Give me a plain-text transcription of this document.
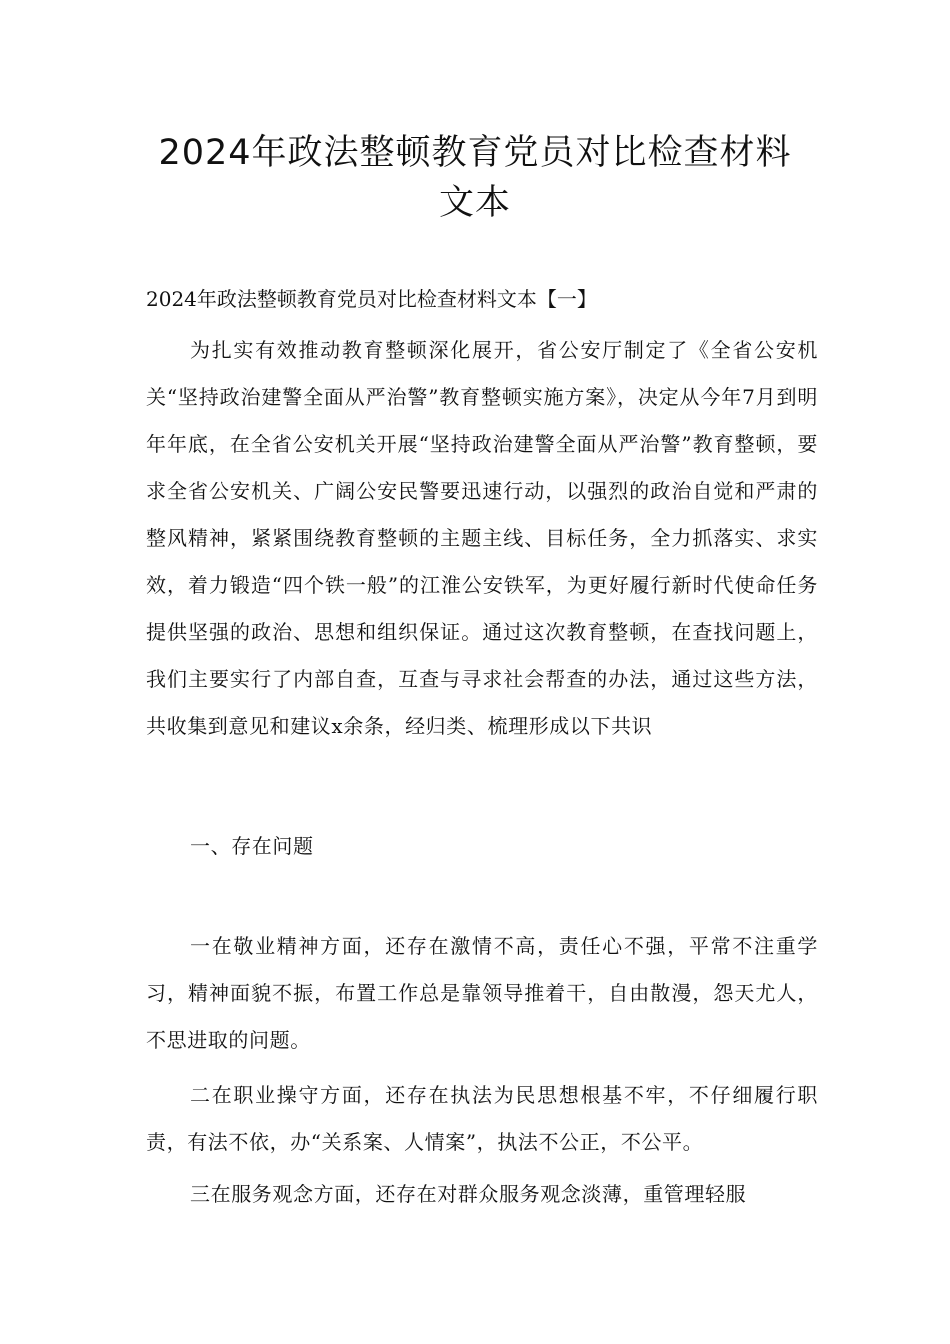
2024年政法整顿教育党员对比检查材料
文本

2024年政法整顿教育党员对比检查材料文本【一】

为扎实有效推动教育整顿深化展开，省公安厅制定了《全省公安机关“坚持政治建警全面从严治警”教育整顿实施方案》，决定从今年7月到明年年底，在全省公安机关开展“坚持政治建警全面从严治警”教育整顿，要求全省公安机关、广阔公安民警要迅速行动，以强烈的政治自觉和严肃的整风精神，紧紧围绕教育整顿的主题主线、目标任务，全力抓落实、求实效，着力锻造“四个铁一般”的江淮公安铁军，为更好履行新时代使命任务提供坚强的政治、思想和组织保证。通过这次教育整顿，在查找问题上，我们主要实行了内部自查，互查与寻求社会帮查的办法，通过这些方法，共收集到意见和建议x余条，经归类、梳理形成以下共识

一、存在问题

一在敬业精神方面，还存在激情不高，责任心不强，平常不注重学习，精神面貌不振，布置工作总是靠领导推着干，自由散漫，怨天尤人，不思进取的问题。

二在职业操守方面，还存在执法为民思想根基不牢，不仔细履行职责，有法不依，办“关系案、人情案”，执法不公正，不公平。

三在服务观念方面，还存在对群众服务观念淡薄，重管理轻服
